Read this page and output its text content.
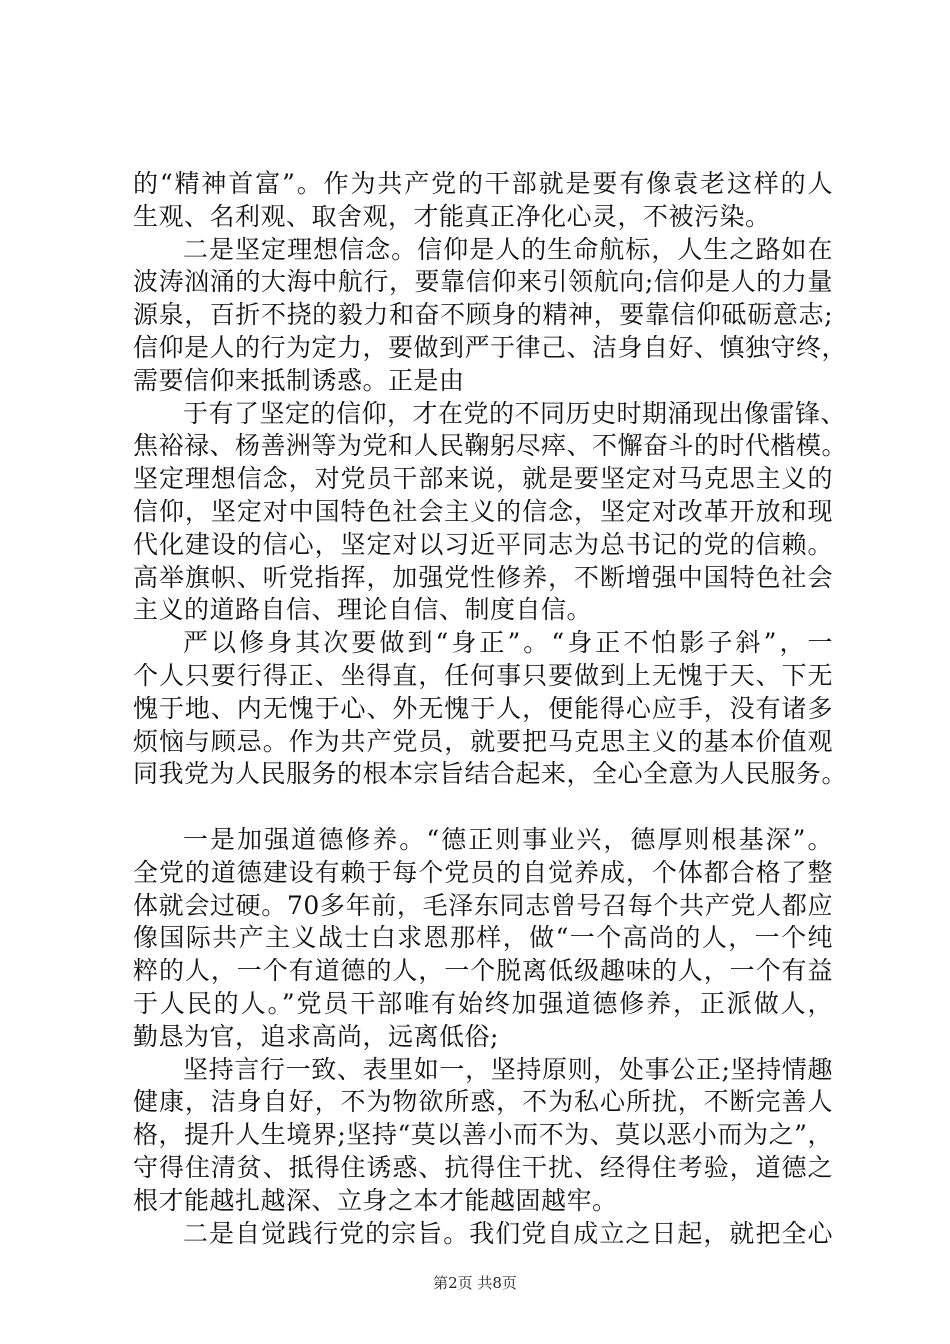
的“精神首富”。作为共产党的干部就是要有像袁老这样的人
生观、名利观、取舍观，才能真正净化心灵，不被污染。
二是坚定理想信念。信仰是人的生命航标，人生之路如在
波涛汹涌的大海中航行，要靠信仰来引领航向;信仰是人的力量
源泉，百折不挠的毅力和奋不顾身的精神，要靠信仰砥砺意志;
信仰是人的行为定力，要做到严于律己、洁身自好、慎独守终，
需要信仰来抵制诱惑。正是由
于有了坚定的信仰，才在党的不同历史时期涌现出像雷锋、
焦裕禄、杨善洲等为党和人民鞠躬尽瘁、不懈奋斗的时代楷模。
坚定理想信念，对党员干部来说，就是要坚定对马克思主义的
信仰，坚定对中国特色社会主义的信念，坚定对改革开放和现
代化建设的信心，坚定对以习近平同志为总书记的党的信赖。
高举旗帜、听党指挥，加强党性修养，不断增强中国特色社会
主义的道路自信、理论自信、制度自信。
严以修身其次要做到“身正”。“身正不怕影子斜”，一
个人只要行得正、坐得直，任何事只要做到上无愧于天、下无
愧于地、内无愧于心、外无愧于人，便能得心应手，没有诸多
烦恼与顾忌。作为共产党员，就要把马克思主义的基本价值观
同我党为人民服务的根本宗旨结合起来，全心全意为人民服务。
一是加强道德修养。“德正则事业兴，德厚则根基深”。
全党的道德建设有赖于每个党员的自觉养成，个体都合格了整
体就会过硬。70多年前，毛泽东同志曾号召每个共产党人都应
像国际共产主义战士白求恩那样，做“一个高尚的人，一个纯
粹的人，一个有道德的人，一个脱离低级趣味的人，一个有益
于人民的人。”党员干部唯有始终加强道德修养，正派做人，
勤恳为官，追求高尚，远离低俗;
坚持言行一致、表里如一，坚持原则，处事公正;坚持情趣
健康，洁身自好，不为物欲所惑，不为私心所扰，不断完善人
格，提升人生境界;坚持“莫以善小而不为、莫以恶小而为之”，
守得住清贫、抵得住诱惑、抗得住干扰、经得住考验，道德之
根才能越扎越深、立身之本才能越固越牢。
二是自觉践行党的宗旨。我们党自成立之日起，就把全心
第2页 共8页
